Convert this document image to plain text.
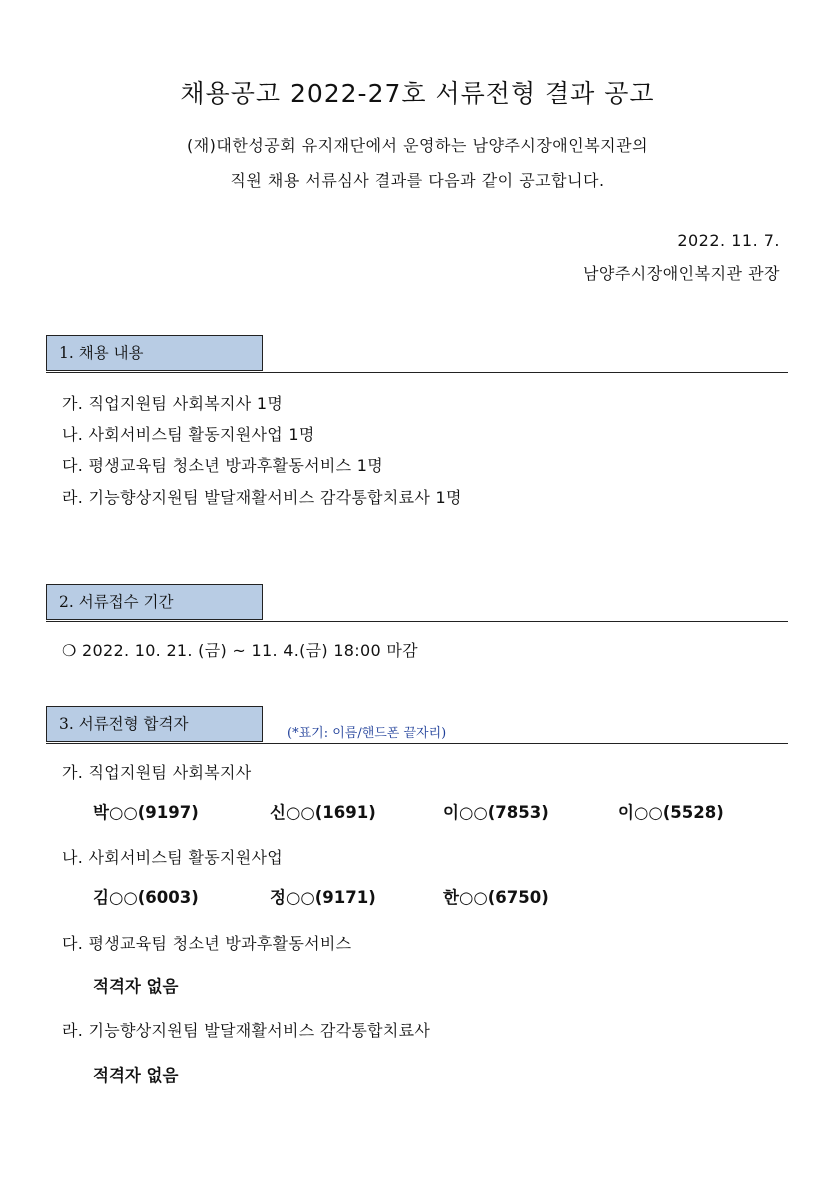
채용공고 2022-27호 서류전형 결과 공고
(재)대한성공회 유지재단에서 운영하는 남양주시장애인복지관의
직원 채용 서류심사 결과를 다음과 같이 공고합니다.
2022. 11. 7.
남양주시장애인복지관 관장
1. 채용 내용
가. 직업지원팀 사회복지사 1명
나. 사회서비스팀 활동지원사업 1명
다. 평생교육팀 청소년 방과후활동서비스 1명
라. 기능향상지원팀 발달재활서비스 감각통합치료사 1명
2. 서류접수 기간
❍ 2022. 10. 21. (금) ~ 11. 4.(금) 18:00 마감
3. 서류전형 합격자
(*표기: 이름/핸드폰 끝자리)
가. 직업지원팀 사회복지사
박○○(9197)	신○○(1691)	이○○(7853)	이○○(5528)
나. 사회서비스팀 활동지원사업
김○○(6003)	정○○(9171)	한○○(6750)
다. 평생교육팀 청소년 방과후활동서비스
적격자 없음
라. 기능향상지원팀 발달재활서비스 감각통합치료사
적격자 없음
